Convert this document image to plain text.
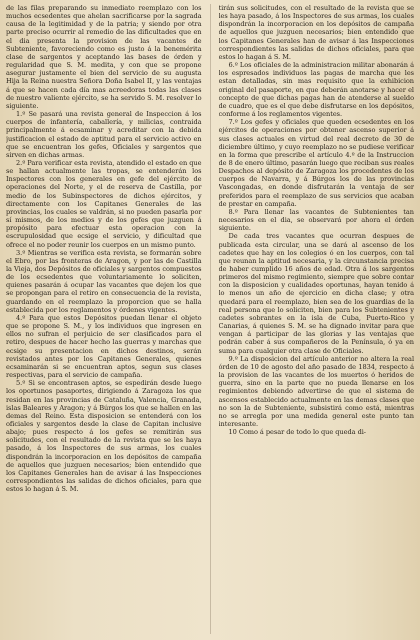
de las filas preparando su inmediato reemplazo con los muchos ecsedentes que ahelan sacrificarse por la sagrada causa de la legitimidad y de la patria; y siendo por otra parte preciso ocurrir al remedio de las dificultades que en el dia presenta la provision de las vacantes de Subteniente, favoreciendo como es justo á la benemérita clase de sargentos y aceptando las bases de órden y regularidad que S. M. medita, y con que se propone asegurar justamente el bien del servicio de su augusta Hija la Reina nuestra Señora Doña Isabel II, y las ventajas á que se hacen cada día mas acreedoras todas las clases de nuestro valiente ejército, se ha servido S. M. resolver lo siguiente.

1.º Se pasará una revista general de Inspeccion á los cuerpos de infantería, caballería, y milicias, contraida principalmente á ecsaminar y acreditar con la debida justificacion el estado de aptitud para el servicio activo en que se encuentran los gefes, Oficiales y sargentos que sirven en dichas armas.

2.º Para verificar esta revista, atendido el estado en que se hallan actualmente las tropas, se entenderán los Inspectores con los generales en gefe del ejército de operaciones del Norte, y el de reserva de Castilla, por medio de los Subinspectores de dichos ejércitos, y directamente con los Capitanes Generales de las provincias, los cuales se valdrán, si no pueden pasarla por sí mismos, de los medios y de los gefes que juzguen á propósito para efectuar esta operacion con la escrupulosidad que ecsige el servicio, y dificultad que ofrece el no poder reunir los cuerpos en un mismo punto.

3.º Mientras se verifica esta revista, se formarán sobre el Ebro, por las fronteras de Aragon, y por las de Castilla la Vieja, dos Depósitos de oficiales y sargentos compuestos de los ecsedentes que voluntariamente lo soliciten, quienes pasarán á ocupar las vacantes que dejen los que se propongan para el retiro en consecuencia de la revista, guardando en el reemplazo la proporcion que se halla establecida por los reglamentos y órdenes vigentes.

4.º Para que estos Depósitos puedan llenar el objeto que se propone S. M., y los individuos que ingresen en ellos no sufran el perjuicio de ser clasificados para el retiro, despues de hacer hecho las guerras y marchas que ecsige su presentacion en dichos destinos, serán revistados antes por los Capitanes Generales, quienes ecsaminarán si se encuentran aptos, segun sus clases respectivas, para el servicio de campaña.

5.º Si se encontrasen aptos, se espedirán desde luego los oportunos pasaportes, dirigiendo á Zaragoza los que residan en las provincias de Cataluña, Valencia, Granada, islas Baleares y Aragon; y á Búrgos los que se hallen en las demas del Reino. Esta disposicion se entenderá con los oficiales y sargentos desde la clase de Capitan inclusive abajo; pues respecto á los gefes se remitirán sus solicitudes, con el resultado de la revista que se les haya pasado, á los Inspectores de sus armas, los cuales dispondrán la incorporacion en los depósitos de campaña de aquellos que juzguen necesarios; bien entendido que los Capitanes Generales han de avisar á las Inspecciones correspondientes las salidas de dichos oficiales, para que estos lo hagan á S. M.

tirán sus solicitudes, con el resultado de la revista que se les haya pasado, á los Inspectores de sus armas, los cuales dispondrán la incorporacion en los depósitos de campaña de aquellos que juzguen necesarios; bien entendido que los Capitanes Generales han de avisar á las Inspecciones correspondientes las salidas de dichos oficiales, para que estos lo hagan á S. M.

6.º Los oficiales de la administracion militar abonarán á los espresados individuos las pagas de marcha que les estan detalladas, sin mas requisito que la exhibicion original del pasaporte, en que deberán anotarse y hacer el concepto de que dichas pagas han de atenderse al sueldo de cuadro, que es el que debe disfrutarse en los depósitos, conforme á los reglamentos vigentes.

7.º Los gefes y oficiales que queden ecsedentes en los ejércitos de operaciones por obtener ascenso superior á sus clases actuales en virtud del real decreto de 30 de diciembre último, y cuyo reemplazo no se pudiese verificar en la forma que prescribe el artículo 4.º de la Instruccion de 8 de enero último, pasarán luego que reciban sus reales Despachos al depósito de Zaragoza los procedentes de los cuerpos de Navarra, y á Búrgos los de las provincias Vascongadas, en donde disfrutarán la ventaja de ser preferidos para el reemplazo de sus servicios que acaban de prestar en campaña.

8.º Para llenar las vacantes de Subtenientes tan necesarios en el dia, se observará por ahora el órden siguiente.

De cada tres vacantes que ocurran despues de publicada esta circular, una se dará al ascenso de los cadetes que hay en los colegios ó en los cuerpos, con tal que reunan la aptitud necesaria, y la circunstancia precisa de haber cumplido 16 años de edad. Otra á los sargentos primeros del mismo regimiento, siempre que sobre contar con la disposicion y cualidades oportunas, hayan tenido á lo menos un año de ejercicio en dicha clase; y otra quedará para el reemplazo, bien sea de los guardias de la real persona que lo soliciten, bien para los Subtenientes y cadetes sobrantes en la isla de Cuba, Puerto-Rico y Canarias, á quienes S. M. se ha dignado invitar para que vengan á participar de las glorias y las ventajas que podrán caber á sus compañeros de la Península, ó ya en suma para cualquier otra clase de Oficiales.

9.º La disposicion del artículo anterior no altera la real órden de 10 de agosto del año pasado de 1834, respecto á la provision de las vacantes de los muertos ó heridos de guerra, sino en la parte que no pueda llenarse en los regimientos debiendo advertirse de que el sistema de ascensos establecido actualmente en las demas clases que no son la de Subteniente, subsistirá como está, mientras no se arregla por una medida general este punto tan interesante.

10 Como á pesar de todo lo que queda di-
